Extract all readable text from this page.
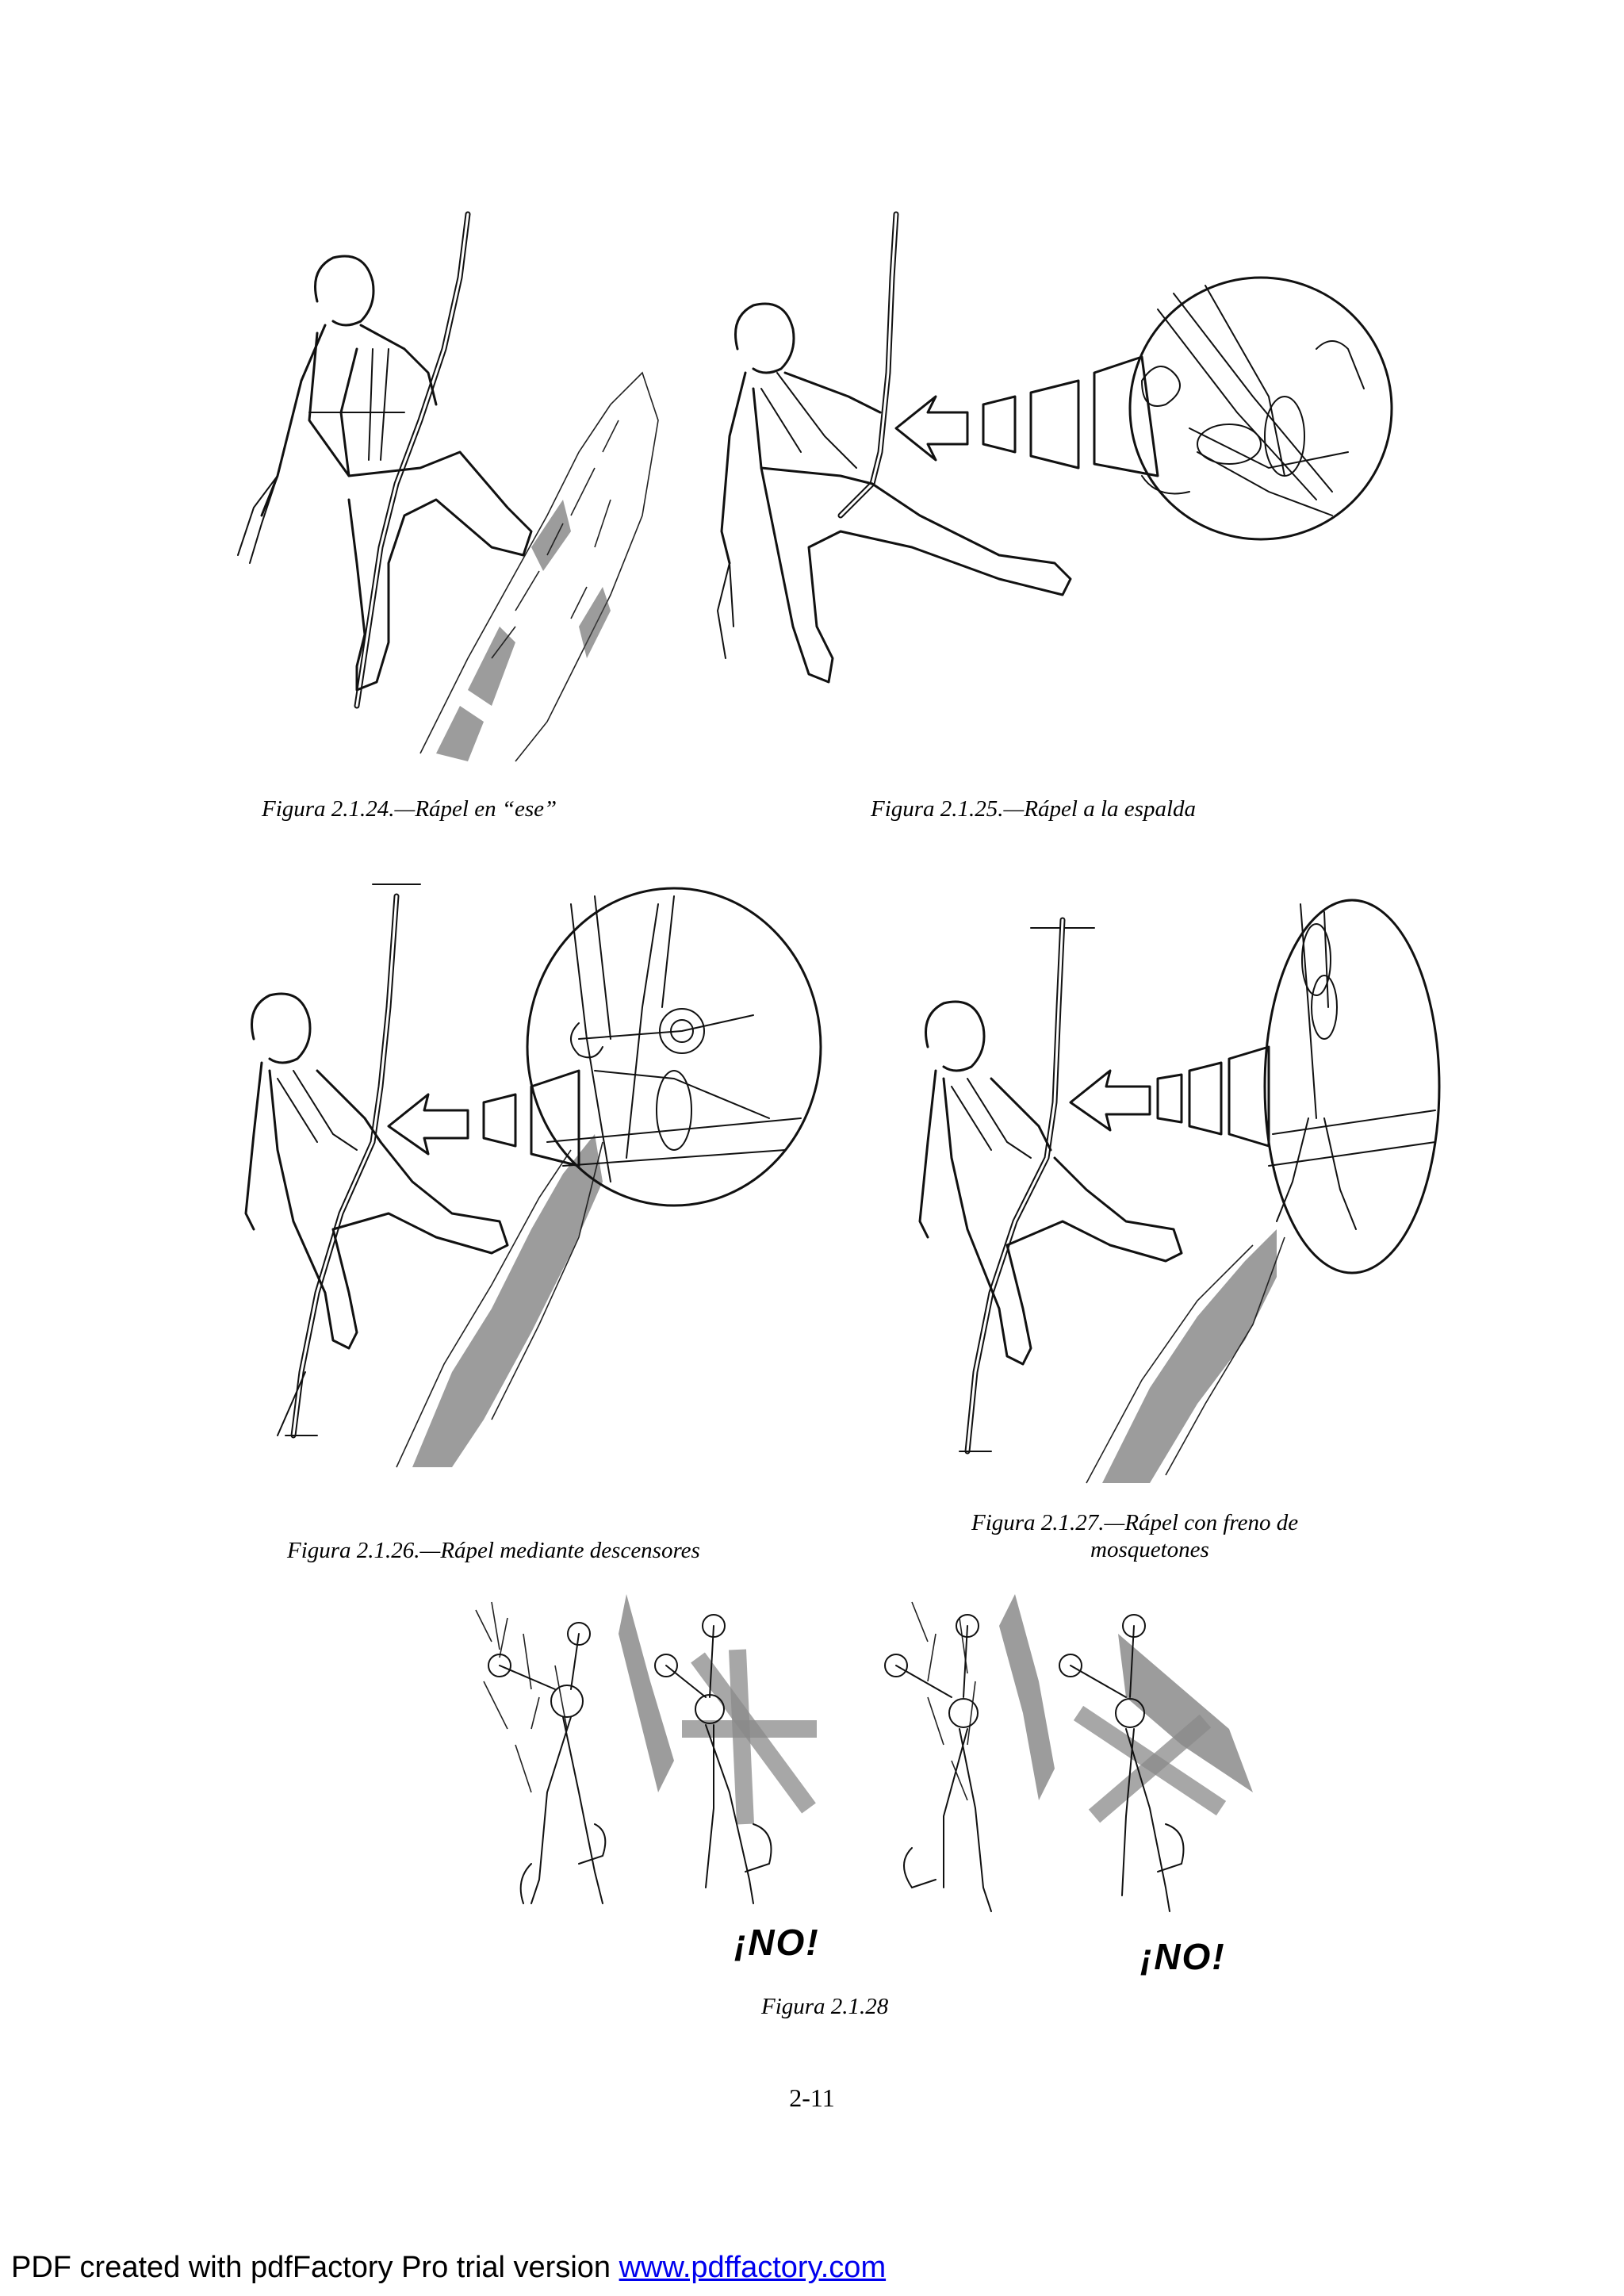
Figura 2.1.24.—Rápel en “ese”	Figura 2.1.25.—Rápel a la espalda
Figura 2.1.26.—Rápel mediante descensores
Figura 2.1.27.—Rápel con freno de
mosquetones
¡NO!	¡NO!
Figura 2.1.28
2-11
PDF created with pdfFactory Pro trial version www.pdffactory.com
